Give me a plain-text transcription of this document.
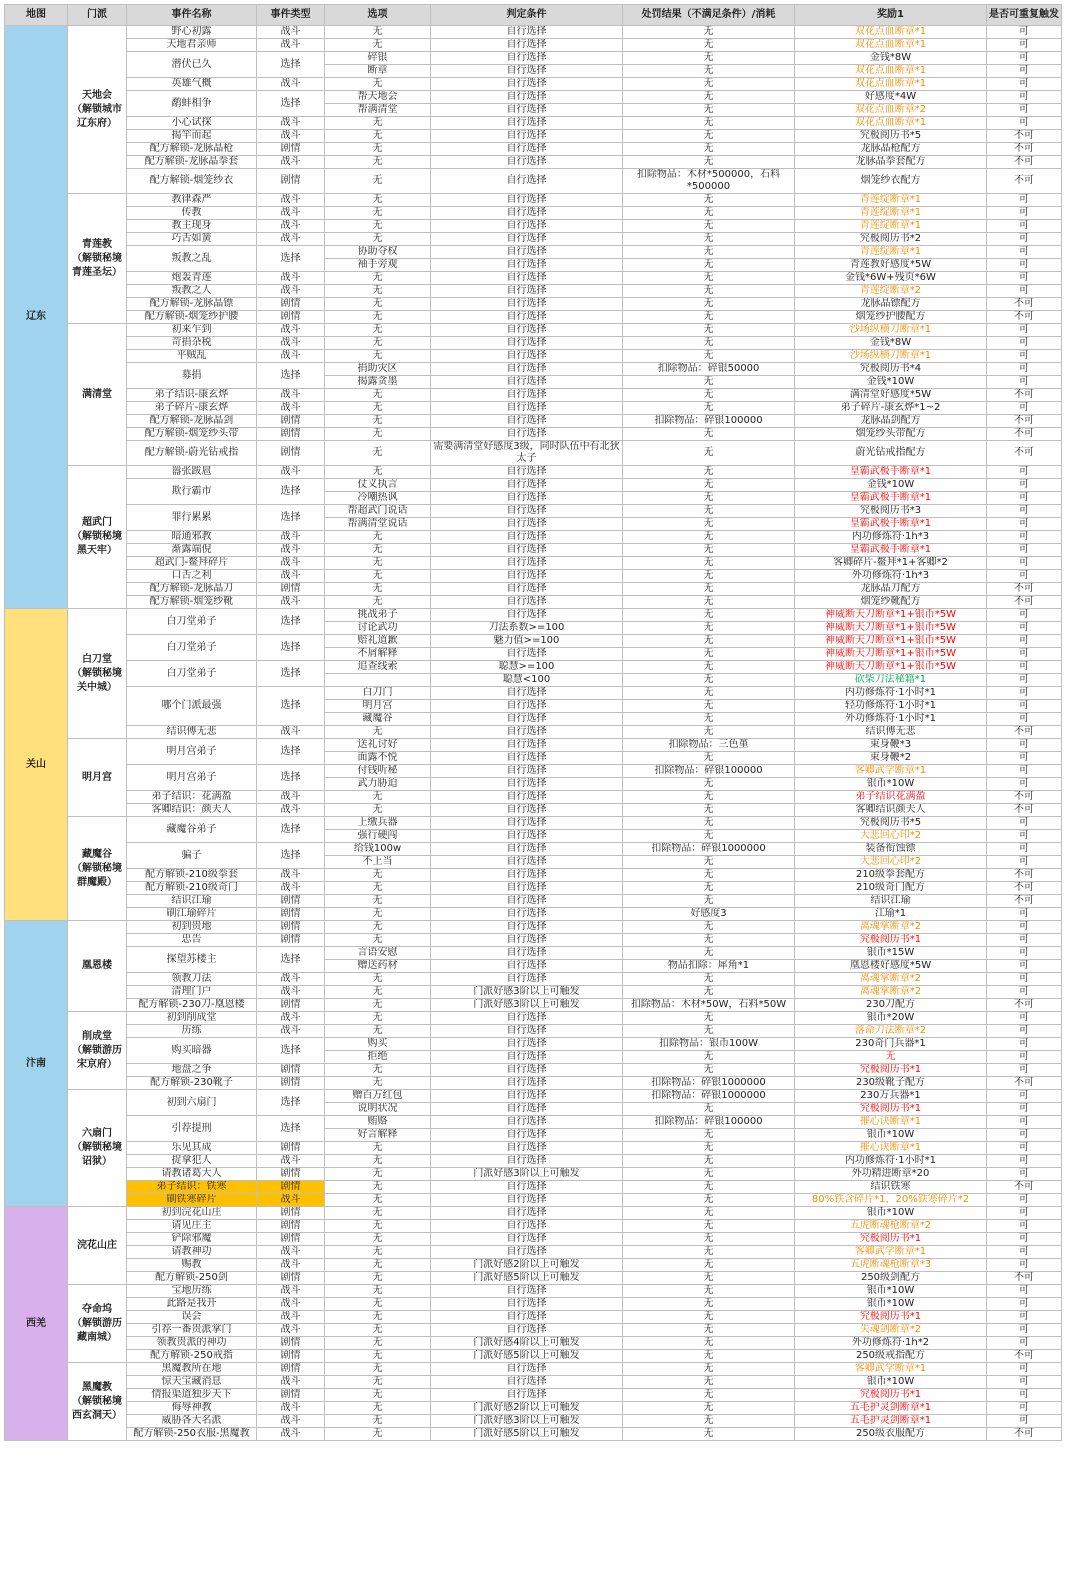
地图	门派	事件名称	事件类型	选项	判定条件	处罚结果（不满足条件）/消耗	奖励1	是否可重复触发
辽东	天地会
（解锁城市
辽东府）	野心初露	战斗	无	自行选择	无	双花点血断章*1	可
		天地君亲师	战斗	无	自行选择	无	双花点血断章*1	可
		潜伏已久	选择	碎银	自行选择	无	金钱*8W	可
				断章	自行选择	无	双花点血断章*1	可
		英雄气概	战斗	无	自行选择	无	双花点血断章*1	可
		鹬蚌相争	选择	帮天地会	自行选择	无	好感度*4W	可
				帮满清堂	自行选择	无	双花点血断章*2	可
		小心试探	战斗	无	自行选择	无	双花点血断章*1	可
		揭竿而起	战斗	无	自行选择	无	究极阅历书*5	不可
		配方解锁-龙脉晶枪	剧情	无	自行选择	无	龙脉晶枪配方	不可
		配方解锁-龙脉晶拳套	战斗	无	自行选择	无	龙脉晶拳套配方	不可
		配方解锁-烟笼纱衣	剧情	无	自行选择	扣除物品：木材*500000，石料*500000	烟笼纱衣配方	不可
	青莲教
（解锁秘境
青莲圣坛）	教律森严	战斗	无	自行选择	无	青莲绽断章*1	可
		传教	战斗	无	自行选择	无	青莲绽断章*1	可
		教主现身	战斗	无	自行选择	无	青莲绽断章*1	可
		巧舌如簧	战斗	无	自行选择	无	究极阅历书*2	可
		叛教之乱	选择	协助夺权	自行选择	无	青莲绽断章*1	可
				袖手旁观	自行选择	无	青莲教好感度*5W	可
		炮轰青莲	战斗	无	自行选择	无	金钱*6W+残页*6W	可
		叛教之人	战斗	无	自行选择	无	青莲绽断章*2	可
		配方解锁-龙脉晶镖	剧情	无	自行选择	无	龙脉晶镖配方	不可
		配方解锁-烟笼纱护腰	剧情	无	自行选择	无	烟笼纱护腰配方	不可
	满清堂	初来乍到	战斗	无	自行选择	无	沙场纵横刀断章*1	可
		苛捐杂税	战斗	无	自行选择	无	金钱*8W	可
		平贼乱	战斗	无	自行选择	无	沙场纵横刀断章*1	可
		募捐	选择	捐助灾区	自行选择	扣除物品：碎银50000	究极阅历书*4	可
				揭露贪墨	自行选择	无	金钱*10W	可
		弟子结识-康玄烨	战斗	无	自行选择	无	满清堂好感度*5W	不可
		弟子碎片-康玄烨	战斗	无	自行选择	无	弟子碎片-康玄烨*1~2	可
		配方解锁-龙脉晶剑	剧情	无	自行选择	扣除物品：碎银100000	龙脉晶剑配方	不可
		配方解锁-烟笼纱头带	剧情	无	自行选择	无	烟笼纱头带配方	不可
		配方解锁-蔚光钻戒指	剧情	无	需要满清堂好感度3级，同时队伍中有北狄太子	无	蔚光钻戒指配方	不可
	超武门
（解锁秘境
黑天牢）	嚣张跋扈	战斗	无	自行选择	无	皇霸武极手断章*1	可
		欺行霸市	选择	仗义执言	自行选择	无	金钱*10W	可
				冷嘲热讽	自行选择	无	皇霸武极手断章*1	可
		罪行累累	选择	帮超武门说话	自行选择	无	究极阅历书*3	可
				帮满清堂说话	自行选择	无	皇霸武极手断章*1	可
		暗通邪教	战斗	无	自行选择	无	内功修炼符·1h*3	可
		渐露端倪	战斗	无	自行选择	无	皇霸武极手断章*1	可
		超武门-鳌拜碎片	战斗	无	自行选择	无	客卿碎片-鳌拜*1+客卿*2	可
		口舌之利	战斗	无	自行选择	无	外功修炼符·1h*3	可
		配方解锁-龙脉晶刀	剧情	无	自行选择	无	龙脉晶刀配方	不可
		配方解锁-烟笼纱靴	战斗	无	自行选择	无	烟笼纱靴配方	不可
关山	白刀堂
（解锁秘境
关中城）	白刀堂弟子	选择	挑战弟子	自行选择	无	神威断天刀断章*1+银币*5W	可
				讨论武功	刀法系数>=100	无	神威断天刀断章*1+银币*5W	可
		白刀堂弟子	选择	赔礼道歉	魅力值>=100	无	神威断天刀断章*1+银币*5W	可
				不屑解释	自行选择	无	神威断天刀断章*1+银币*5W	可
		白刀堂弟子	选择	追查线索	聪慧>=100	无	神威断天刀断章*1+银币*5W	可
					聪慧<100	无	砍柴刀法秘籍*1	可
		哪个门派最强	选择	白刀门	自行选择	无	内功修炼符·1小时*1	可
				明月宫	自行选择	无	轻功修炼符·1小时*1	可
				藏魔谷	自行选择	无	外功修炼符·1小时*1	可
		结识傅无悲	战斗	无	自行选择	无	结识傅无悲	不可
	明月宫	明月宫弟子	选择	送礼讨好	自行选择	扣除物品：三色堇	束身鞭*3	可
				面露不悦	自行选择	无	束身鞭*2	可
		明月宫弟子	选择	付钱听秘	自行选择	扣除物品：碎银100000	客卿武学断章*1	可
				武力胁迫	自行选择	无	银币*10W	可
		弟子结识：花满盈	战斗	无	自行选择	无	弟子结识花满盈	不可
		客卿结识：颜夫人	战斗	无	自行选择	无	客卿结识颜夫人	不可
	藏魔谷
（解锁秘境
群魔殿）	藏魔谷弟子	选择	上缴兵器	自行选择	无	究极阅历书*5	可
				强行硬闯	自行选择	无	大悲回心印*2	可
		骗子	选择	给钱100w	自行选择	扣除物品：碎银1000000	装备衔蚀镖	可
				不上当	自行选择	无	大悲回心印*2	可
		配方解锁-210级拳套	战斗	无	自行选择	无	210级拳套配方	不可
		配方解锁-210级奇门	战斗	无	自行选择	无	210级奇门配方	不可
		结识江瑜	剧情	无	自行选择	无	结识江瑜	不可
		刷江瑜碎片	剧情	无	自行选择	好感度3	江瑜*1	可
汴南	凰恩楼	初到贵地	剧情	无	自行选择	无	离魂掌断章*2	可
		忠告	剧情	无	自行选择	无	究极阅历书*1	可
		探望苏楼主	选择	言语安慰	自行选择	无	银币*15W	可
				赠送药材	自行选择	物品扣除：犀角*1	凰恩楼好感度*5W	可
		领教刀法	战斗	无	自行选择	无	离魂掌断章*2	可
		清理门户	战斗	无	门派好感3阶以上可触发	无	离魂掌断章*2	可
		配方解锁-230刀-凰恩楼	剧情	无	门派好感3阶以上可触发	扣除物品：木材*50W，石料*50W	230刀配方	不可
	削成堂
（解锁游历
宋京府）	初到削成堂	战斗	无	自行选择	无	银币*20W	可
		历练	战斗	无	自行选择	无	落命刀法断章*2	可
		购买暗器	选择	购买	自行选择	扣除物品：银币100W	230奇门兵器*1	可
				拒绝	自行选择	无	无	可
		地盘之争	剧情	无	自行选择	无	究极阅历书*1	可
		配方解锁-230靴子	剧情	无	自行选择	扣除物品：碎银1000000	230级靴子配方	不可
	六扇门
（解锁秘境
诏狱）	初到六扇门	选择	赠百万红包	自行选择	扣除物品：碎银1000000	230万兵器*1	可
				说明状况	自行选择	无	究极阅历书*1	可
		引荐提刑	选择	贿赂	自行选择	扣除物品：碎银100000	摧心诀断章*1	可
				好言解释	自行选择	无	银币*10W	可
		乐见其成	剧情	无	自行选择	无	摧心诀断章*1	可
		捉拿犯人	战斗	无	自行选择	无	内功修炼符·1小时*1	可
		请教诸葛大人	剧情	无	门派好感3阶以上可触发	无	外功精进断章*20	可
		弟子结识：铁寒	剧情	无	自行选择	无	结识铁寒	不可
		刷铁寒碎片	战斗	无	自行选择	无	80%铁含碎片*1，20%铁寒碎片*2	可
西羌	浣花山庄	初到浣花山庄	剧情	无	自行选择	无	银币*10W	可
		请见庄主	剧情	无	自行选择	无	五虎断魂枪断章*2	可
		铲除邪魔	剧情	无	自行选择	无	究极阅历书*1	可
		请教神功	战斗	无	自行选择	无	客卿武学断章*1	可
		赐教	战斗	无	门派好感2阶以上可触发	无	五虎断魂枪断章*3	可
		配方解锁-250剑	剧情	无	门派好感5阶以上可触发	无	250级剑配方	不可
	夺命坞
（解锁游历
藏南城）	宝地历练	战斗	无	自行选择	无	银币*10W	可
		此路是我开	战斗	无	自行选择	无	银币*10W	可
		误会	战斗	无	自行选择	无	究极阅历书*1	可
		引荐一番贵派掌门	战斗	无	自行选择	无	失魂剑断章*2	可
		领教贵派的神功	剧情	无	门派好感4阶以上可触发	无	外功修炼符·1h*2	可
		配方解锁-250戒指	剧情	无	门派好感5阶以上可触发	无	250级戒指配方	不可
	黑魔教
（解锁秘境
西玄洞天）	黑魔教所在地	剧情	无	自行选择	无	客卿武学断章*1	可
		惊天宝藏消息	战斗	无	自行选择	无	银币*10W	可
		情报渠道独步天下	剧情	无	自行选择	无	究极阅历书*1	可
		侮辱神教	战斗	无	门派好感2阶以上可触发	无	五毛护灵剑断章*1	可
		威胁各大名派	战斗	无	门派好感3阶以上可触发	无	五毛护灵剑断章*1	可
		配方解锁-250衣服-黑魔教	战斗	无	门派好感5阶以上可触发	无	250级衣服配方	不可
